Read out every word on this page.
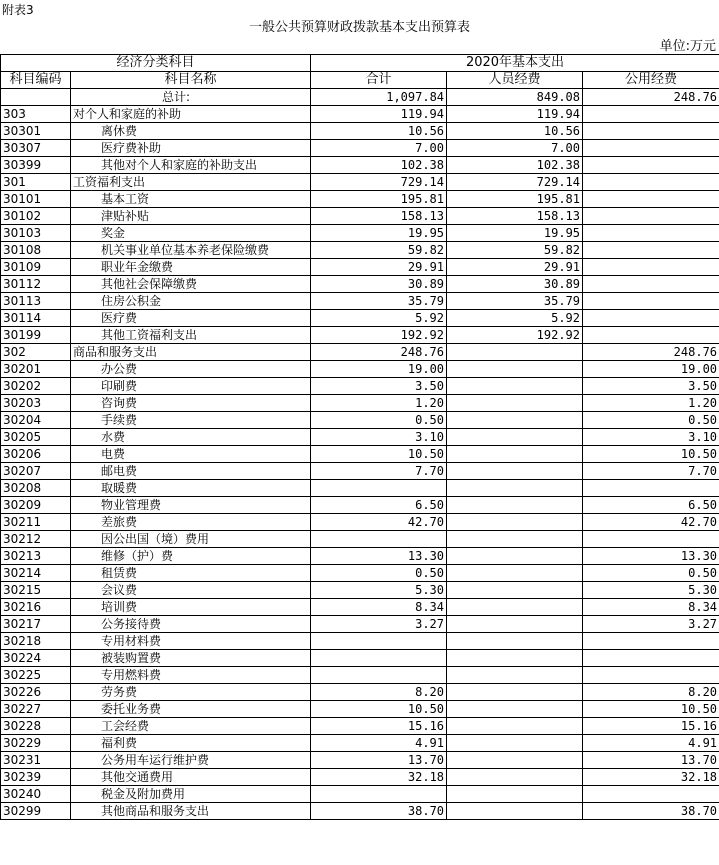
附表3
一般公共预算财政拨款基本支出预算表
单位:万元
经济分类科目		2020年基本支出		
科目编码	科目名称	合计	人员经费	公用经费
	总计:	1,097.84	849.08	248.76
303	对个人和家庭的补助	119.94	119.94	
30301	离休费	10.56	10.56	
30307	医疗费补助	7.00	7.00	
30399	其他对个人和家庭的补助支出	102.38	102.38	
301	工资福利支出	729.14	729.14	
30101	基本工资	195.81	195.81	
30102	津贴补贴	158.13	158.13	
30103	奖金	19.95	19.95	
30108	机关事业单位基本养老保险缴费	59.82	59.82	
30109	职业年金缴费	29.91	29.91	
30112	其他社会保障缴费	30.89	30.89	
30113	住房公积金	35.79	35.79	
30114	医疗费	5.92	5.92	
30199	其他工资福利支出	192.92	192.92	
302	商品和服务支出	248.76		248.76
30201	办公费	19.00		19.00
30202	印刷费	3.50		3.50
30203	咨询费	1.20		1.20
30204	手续费	0.50		0.50
30205	水费	3.10		3.10
30206	电费	10.50		10.50
30207	邮电费	7.70		7.70
30208	取暖费			
30209	物业管理费	6.50		6.50
30211	差旅费	42.70		42.70
30212	因公出国（境）费用			
30213	维修（护）费	13.30		13.30
30214	租赁费	0.50		0.50
30215	会议费	5.30		5.30
30216	培训费	8.34		8.34
30217	公务接待费	3.27		3.27
30218	专用材料费			
30224	被装购置费			
30225	专用燃料费			
30226	劳务费	8.20		8.20
30227	委托业务费	10.50		10.50
30228	工会经费	15.16		15.16
30229	福利费	4.91		4.91
30231	公务用车运行维护费	13.70		13.70
30239	其他交通费用	32.18		32.18
30240	税金及附加费用			
30299	其他商品和服务支出	38.70		38.70
